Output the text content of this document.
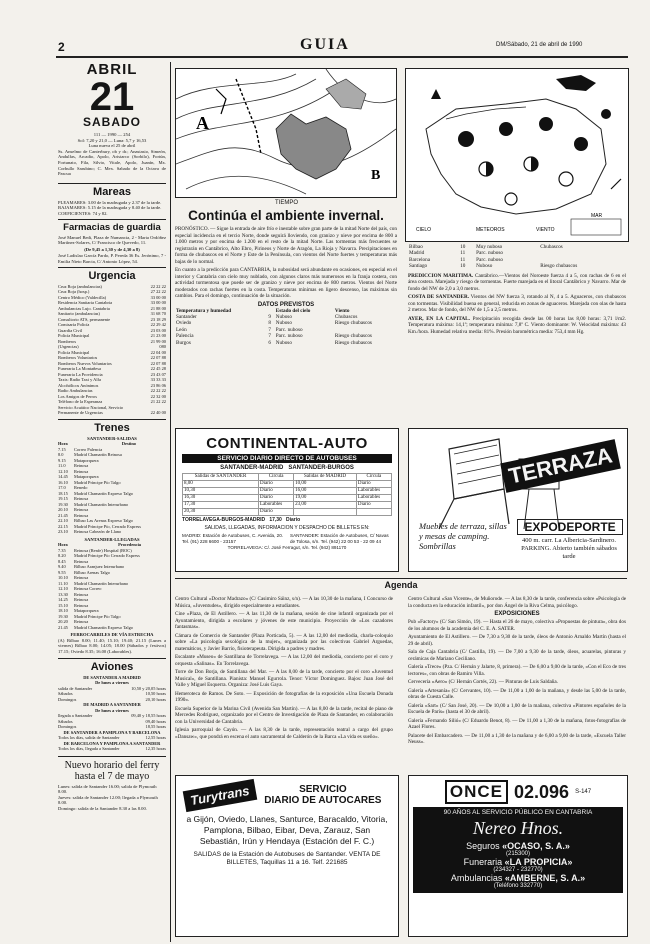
2	GUIA	DM/Sábado, 21 de abril de 1990
ABRIL
21
SABADO
111 — 1990 — 254
Sol: 7,20 y 21,0 — Luna: 5,7 y 16,53
Luna nueva el 25 de abril
Ss. Anselmo de Canterbury, ob y dr.; Anastasio, Simeón, Andulfas, Arcadio, Apolo, Aristarco (Sorbilo), Fortún, Fortunato, Fila, Silvio, Vitale, Apolo, Juanín, Mx. Corbullo Sarubino; C. Mex. Sabado de la Octava de Pascua
Mareas
PLEAMARES: 3.00 de la madrugada y 2.37 de la tarde.
BAJAMARES: 5.15 de la madrugada y 8.40 de la tarde.
COEFICIENTES: 74 y 82.
Farmacias de guardia
José Manuel Bedi, Plaza de Numancia, 2 - Marta Ordóñez Martínez-Solares, C/ Francisco de Quevedo, 11.
(De 9,45 a 1,30 y de 4,30 a 8)
José Ladislao García Pardo, P. Pereda 36 Es. Jerónimo, 7 - Emilia Nieto Barcia, C/ Antonio López, 54.
Urgencia
Cruz Roja (ambulancias)	22 22 22
Cruz Roja (hosp.)	27 22 22
Centro Médico (Valdecilla)	33 00 00
Residencia Sanitaria Cantabria	33 00 00
Ambulancias Lujo. Cantabria	21 88 00
Sanitario (ambulancias)	31 68 70
Consultorio ATS, permanente	23 18 29
Comisaría Policía	22 29 42
Guardia Civil	23 03 00
Policía Municipal	21 23 00
Bomberos	21 99 00
(Urgencias)	080
Policía Municipal	22 04 00
Bomberos Voluntarios	22 07 88
Bomberos Nuevos Voluntarios	22 07 88
Funeraria La Montañesa	22 45 28
Funeraria La Providencia	23 43 07
Taxis: Radio Taxi y Alfa	33 33 33
Alcohólicos Anónimos	23 86 06
Radio Ambulancias	22 22 22
Los Amigos de Perros	22 32 00
Teléfono de la Esperanza	21 22 22
Servicio Acuático Nacional, Servicio
Permanente de Urgencias	22 40 00
Trenes
SANTANDER-SALIDAS
Hora	Destino
7.15	Correo Palencia
8.0	Madrid Chamartín Reinosa
9.15	Mataporquera
11.0	Reinosa
12.10	Reinosa
14.45	Mataporquera
16.10	Madrid Príncipe Pío Talgo
17.0	Renedo
18.15	Madrid Chamartín Expreso Talgo
19.15	Reinosa
19.30	Madrid Chamartín Interurbano
20.10	Reinosa
21.45	Reinosa
22.10	Bilbao Las Arenas Expreso Talgo
22.15	Madrid Príncipe Pío, Cerrado Express
23.10	Reinosa Cabezón de Llano
SANTANDER-LLEGADAS
Hora	Procedencia
7.35	Reinosa (Renfe) Hospital (BOC)
8.20	Madrid Príncipe Pío Cerrado Express
8.45	Reinosa
9.40	Bilbao Aranjuez Interurbano
9.55	Bilbao Arenas Talgo
10.10	Reinosa
11.10	Madrid Chamartín Interurbano
12.10	Reinosa Correo
13.30	Reinosa
14.25	Reinosa
15.10	Reinosa
18.10	Mataporquera
19.30	Madrid Príncipe Pío Talgo
20.20	Reinosa
21.45	Madrid Chamartín Expreso Talgo
FERROCARRILES DE VÍA ESTRECHA
(A) Bilbao 8.00; 11.40; 15.10; 19.40; 21.15 (Lunes a viernes) Bilbao 8.00; 14.05; 18.00 (Sábados y festivos) 17.15; Oviedo 8.35; 16.00 (Laborables).
Aviones
DE SANTANDER A MADRID
De lunes a viernes
salida de Santander	10,50 y 20,05 horas
Sábados	10,50 horas
Domingos	20,10 horas
DE MADRID A SANTANDER
De lunes a viernes
llegada a Santander	09,40 y 18,55 horas
Sábados	09,40 horas
Domingos	18,55 horas
DE SANTANDER A PAMPLONA Y BARCELONA
Todos los días, salida de Santander	12,55 horas
DE BARCELONA Y PAMPLONA A SANTANDER
Todos los días, llegada a Santander	12,35 horas
Nuevo horario del ferry hasta el 7 de mayo
Lunes: salida de Santander 16.00; salida de Plymouth 8.00.
Jueves: salida de Santander 12.00; llegada a Plymouth 8.00.
Domingo: salida de la Santander 8.30 a las 8.00.
A
B
CIELO	METEOROS	VIENTO
MAR
TIEMPO
Continúa el ambiente invernal.
PRONÓSTICO. — Sigue la entrada de aire frío e inestable sobre gran parte de la mitad Norte del país, con especial incidencia en el tercio Norte, donde seguirá lloviendo, con granizo y nieve por encima de 800 a 1.000 metros y por encima de 1.200 en el resto de la mitad Norte. Las tormentas más frecuentes se registrarán en Cantábrico, Alto Ebro, Pirineos y Norte de Aragón, La Rioja y Navarra. Precipitaciones en forma de chubascos en el Norte y Este de la Península, con vientos del Norte fuertes y temperaturas más bajas de lo normal.
En cuanto a la predicción para CANTABRIA, la nubosidad será abundante en ocasiones, en especial en el interior y Cantabria con cielo muy nublado, con algunos claros más numerosos en la franja costera, con actividad tormentosa que puede ser de granizo y nieve por encima de 800 metros. Vientos del Norte moderados con rachas fuertes en la costa. Temperaturas mínimas en ligero descenso, las máximas sin cambios. Para el domingo, continuación de la situación.
DATOS PREVISTOS
Temperatura y humedad		Estado del cielo	Viento
Santander	9	Nuboso	Chubascos
Oviedo	8	Nuboso	Riesgo chubascos
León	7	Parc. nuboso	
Palencia	7	Parc. nuboso	Riesgo chubascos
Burgos	6	Nuboso	Riesgo chubascos
Bilbao	10	Muy nuboso	Chubascos
Madrid	11	Parc. nuboso	
Barcelona	11	Parc. nuboso	
Santiago	10	Nuboso	Riesgo chubascos
PREDICCION MARITIMA. Cantábrico.—Vientos del Noroeste fuerza 4 a 5, con rachas de 6 en el área costera. Marejada y riesgo de tormentas. Fuerte marejada en el litoral Cantábrico y Navarro. Mar de fondo del NW de 2,0 a 3,0 metros.
COSTA DE SANTANDER. Vientos del NW fuerza 3, rotando al N, 4 a 5. Aguaceros, con chubascos con tormentas. Visibilidad buena en general, reducida en zonas de aguaceros. Marejada con olas de hasta 2 metros. Mar de fondo, del NW de 1,5 a 2,5 metros.
AYER, EN LA CAPITAL. Precipitación recogida desde las 00 horas las 8,00 horas: 3,71 l/m2. Temperatura máxima: 14,1º; temperatura mínima: 7,8º C. Viento dominante: W. Velocidad máxima: 43 Km./hora. Humedad relativa media: 81%. Presión barométrica media: 753,4 mm Hg.
CONTINENTAL-AUTO
SERVICIO DIARIO DIRECTO DE AUTOBUSES
SANTANDER-MADRID   SANTANDER-BURGOS
Salidas de SANTANDER	Circula	Salidas de MADRID	Circula
8,00	Diario	10,00	Diario
10,30	Diario	16,00	Laborables
16,30	Diario	19,00	Laborables
17,30	Laborables	23,00	Diario
20,30	Diario		
TORRELAVEGA-BURGOS-MADRID   17,30   Diario
SALIDAS, LLEGADAS, INFORMACION Y DESPACHO DE BILLETES EN:
MADRID: Estación de Autobuses, C. Avenida, 20. Tel. (91) 228 6600 - 23157
SANTANDER: Estación de Autobuses, C/ Navas de Tolosa, s/n. Tel. (942) 22 00 53 - 22 09 44
TORRELAVEGA: C/. José Ferragut, s/n. Tel. (942) 891170
TERRAZA
Muebles de terraza, sillas y mesas de camping. Sombrillas
EXPODEPORTE
400 m. carr. La Albericia-Sardinero. PARKING. Abierto también sábados tarde
Agenda
Centro Cultural «Doctor Madrazo» (C/ Casimiro Sáinz, s/n). — A las 10,30 de la mañana, I Concurso de Música, «Juventudes», dirigido especialmente a estudiantes.
Cine «Plaza, de El Astillero. — A las 11,30 de la mañana, sesión de cine infantil organizada por el Ayuntamiento, dirigida a escolares y jóvenes de este municipio. Proyección de «Los cazadores fantasmas».
Cámara de Comercio de Santander (Plaza Porticada, 5). — A las 12,00 del mediodía, charla-coloquio sobre «La psicología sexológica de la mujer», organizada por las colectivas Gabriel Arguedas, matemáticos, y Javier Barrio, fisioterapeuta. Dirigida a padres y madres.
Escalante «Museo» de Santillana de Torrelavega. — A las 12,00 del mediodía, concierto por el coro y orquesta «Salinas». En Torrelavega.
Torre de Don Borja, de Santillana del Mar. — A las 8,00 de la tarde, concierto por el coro «Juventud Musical», de Santillana. Pianista: Manuel Egurrola. Tenor: Víctor Dominguez. Bajos: Juan José del Valle y Miguel Esquerra. Organiza: José Luis Gaya.
Hemeroteca de Ramos. De Soto. — Exposición de fotografías de la exposición «Una Escuela Donada 1990».
Escuela Superior de la Marina Civil (Avenida San Martín). — A las 8,00 de la tarde, recital de piano de Mercedes Rodríguez, organizado por el Centro de Investigación de Plaza de Santander, en colaboración con la Universidad de Cantabria.
Iglesia parroquial de Cayón. — A las 8,30 de la tarde, representación teatral a cargo del grupo «Dansaw», que pondrá en escena el auto sacramental de Calderón de la Barca «La vida es sueño».
Centro Cultural «San Vicente», de Muñorode. — A las 8,30 de la tarde, conferencia sobre «Psicología de la conducta en la educación infantil», por don Ángel de la Riva Celma, psicólogo.
EXPOSICIONES
Pub «Factory» (C/ San Simón, 19). — Hasta el 26 de mayo, colectiva «Propuestas de pintura», obra dos de los alumnos de la academia del C. E. A. SATER.
Ayuntamiento de El Astillero. — De 7,30 a 9,30 de la tarde, óleos de Antonio Arnaldo Martín (hasta el 29 de abril).
Sala de Caja Cantabria (C/ Castilla, 19). — De 7,00 a 9,30 de la tarde, óleos, acuarelas, pinturas y cerámicas de Mariano Ceciliano.
Galería «Trece» (Pza. C/ Hernán y Jalarte, 8, primera). — De 6,00 a 9,00 de la tarde, «Con el Eco de tres lectores», con obras de Ramiro Villa.
Cervecería «Aero» (C/ Hernán Cortés, 22). — Pinturas de Luis Saldaña.
Galería «Artesanía» (C/ Cervantes, 10). — De 11,00 a 1,00 de la mañana, y desde las 5,00 de la tarde, obras de Cuesta Calle.
Galería «Sart» (C/ San José, 20). — De 10,00 a 1,00 de la mañana, colectiva «Pintores españoles de la Escuela de París» (hasta el 30 de abril).
Galería «Fernando Silió» (C/ Eduardo Benot, 8). — De 11,00 a 1,30 de la mañana, fotos-fotografías de Azael Flores.
Palacete del Embarcadero. — De 11,00 a 1,30 de la mañana y de 6,00 a 9,00 de la tarde, «Escuela Taller Neuss».
Turytrans	SERVICIO
DIARIO DE AUTOCARES
a Gijón, Oviedo, Llanes, Santurce, Baracaldo, Vitoria, Pamplona, Bilbao, Eibar, Deva, Zarauz, San Sebastián, Irún y Hendaya (Estación del F. C.)
SALIDAS de la Estación de Autobuses de Santander. VENTA DE BILLETES, Taquillas 11 a 16. Telf. 221685
ONCE 02.096 S-147
90 AÑOS AL SERVICIO PÚBLICO EN CANTABRIA
Nereo Hnos.
Seguros «OCASO, S. A.»
(215300)
Funeraria «LA PROPICIA»
(234327 - 232770)
Ambulancias «AMBERNE, S. A.»
(Teléfono 332770)
